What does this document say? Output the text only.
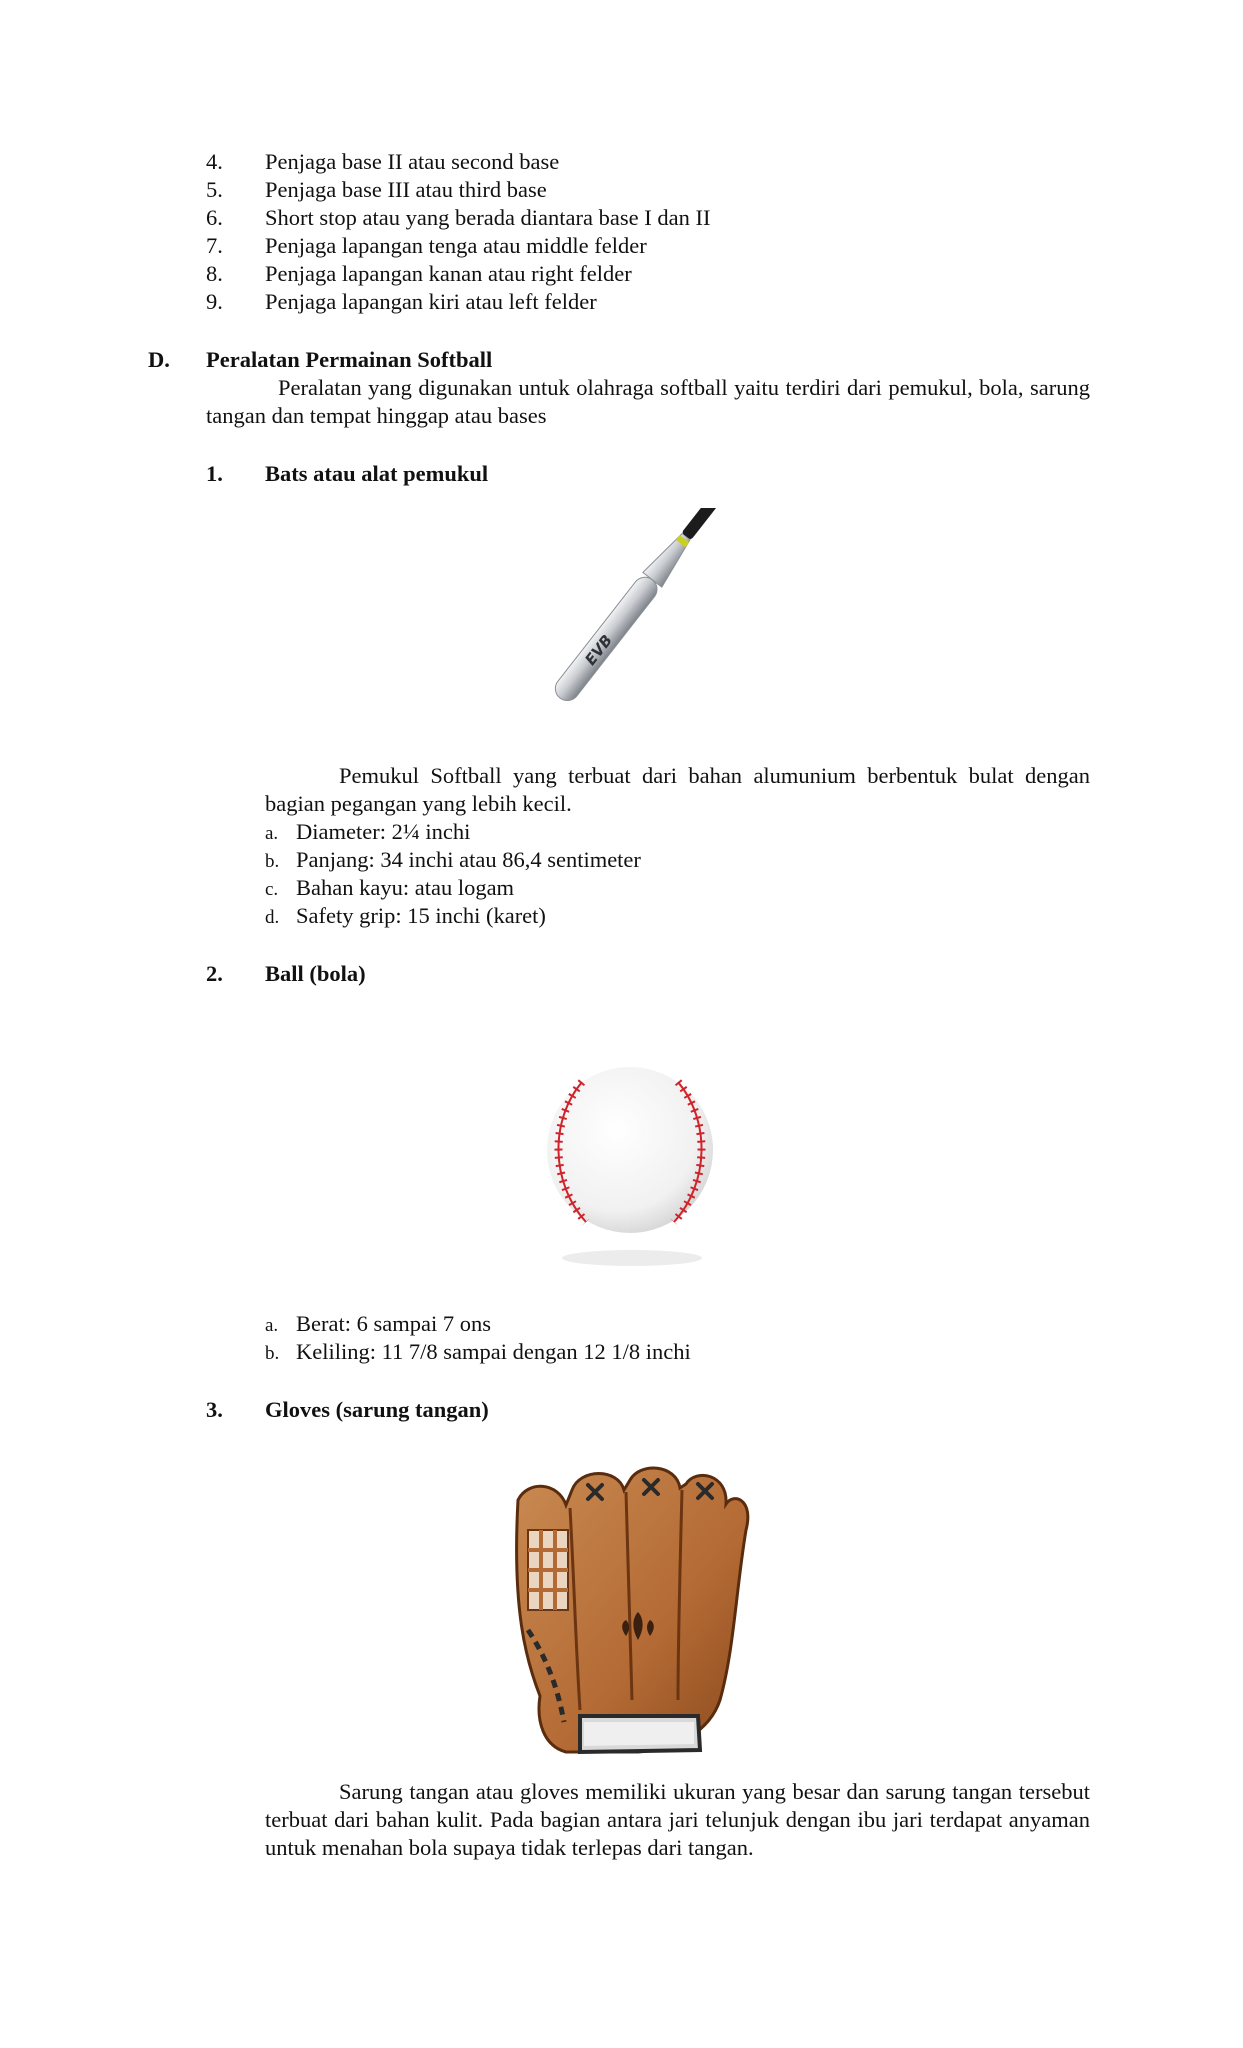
4. Penjaga base II atau second base
5. Penjaga base III atau third base
6. Short stop atau yang berada diantara base I dan II
7. Penjaga lapangan tenga atau middle felder
8. Penjaga lapangan kanan atau right felder
9. Penjaga lapangan kiri atau left felder
D. Peralatan Permainan Softball
Peralatan yang digunakan untuk olahraga softball yaitu terdiri dari pemukul, bola, sarung tangan dan tempat hinggap atau bases
1. Bats atau alat pemukul
EVB
Pemukul Softball yang terbuat dari bahan alumunium berbentuk bulat dengan bagian pegangan yang lebih kecil.
a. Diameter: 2¼ inchi
b. Panjang: 34 inchi atau 86,4 sentimeter
c. Bahan kayu: atau logam
d. Safety grip: 15 inchi (karet)
2. Ball (bola)
a. Berat: 6 sampai 7 ons
b. Keliling: 11 7/8 sampai dengan 12 1/8 inchi
3. Gloves (sarung tangan)
Sarung tangan atau gloves memiliki ukuran yang besar dan sarung tangan tersebut terbuat dari bahan kulit. Pada bagian antara jari telunjuk dengan ibu jari terdapat anyaman untuk menahan bola supaya tidak terlepas dari tangan.
